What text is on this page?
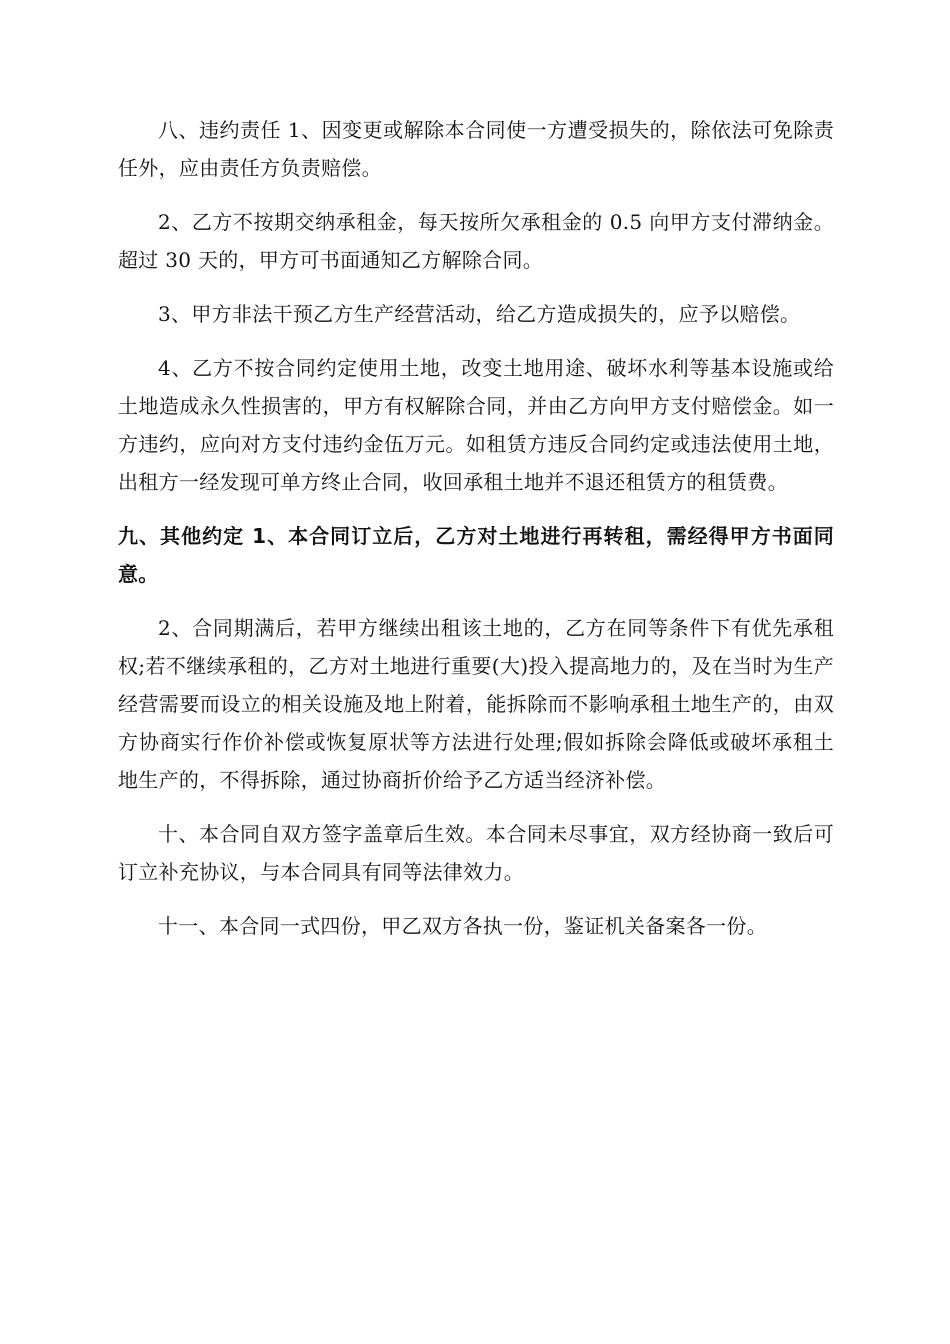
八、违约责任 1、因变更或解除本合同使一方遭受损失的，除依法可免除责任外，应由责任方负责赔偿。

2、乙方不按期交纳承租金，每天按所欠承租金的 0.5 向甲方支付滞纳金。超过 30 天的，甲方可书面通知乙方解除合同。

3、甲方非法干预乙方生产经营活动，给乙方造成损失的，应予以赔偿。

4、乙方不按合同约定使用土地，改变土地用途、破坏水利等基本设施或给土地造成永久性损害的，甲方有权解除合同，并由乙方向甲方支付赔偿金。如一方违约，应向对方支付违约金伍万元。如租赁方违反合同约定或违法使用土地，出租方一经发现可单方终止合同，收回承租土地并不退还租赁方的租赁费。

九、其他约定 1、本合同订立后，乙方对土地进行再转租，需经得甲方书面同意。

2、合同期满后，若甲方继续出租该土地的，乙方在同等条件下有优先承租权;若不继续承租的，乙方对土地进行重要(大)投入提高地力的，及在当时为生产经营需要而设立的相关设施及地上附着，能拆除而不影响承租土地生产的，由双方协商实行作价补偿或恢复原状等方法进行处理;假如拆除会降低或破坏承租土地生产的，不得拆除，通过协商折价给予乙方适当经济补偿。

十、本合同自双方签字盖章后生效。本合同未尽事宜，双方经协商一致后可订立补充协议，与本合同具有同等法律效力。

十一、本合同一式四份，甲乙双方各执一份，鉴证机关备案各一份。
